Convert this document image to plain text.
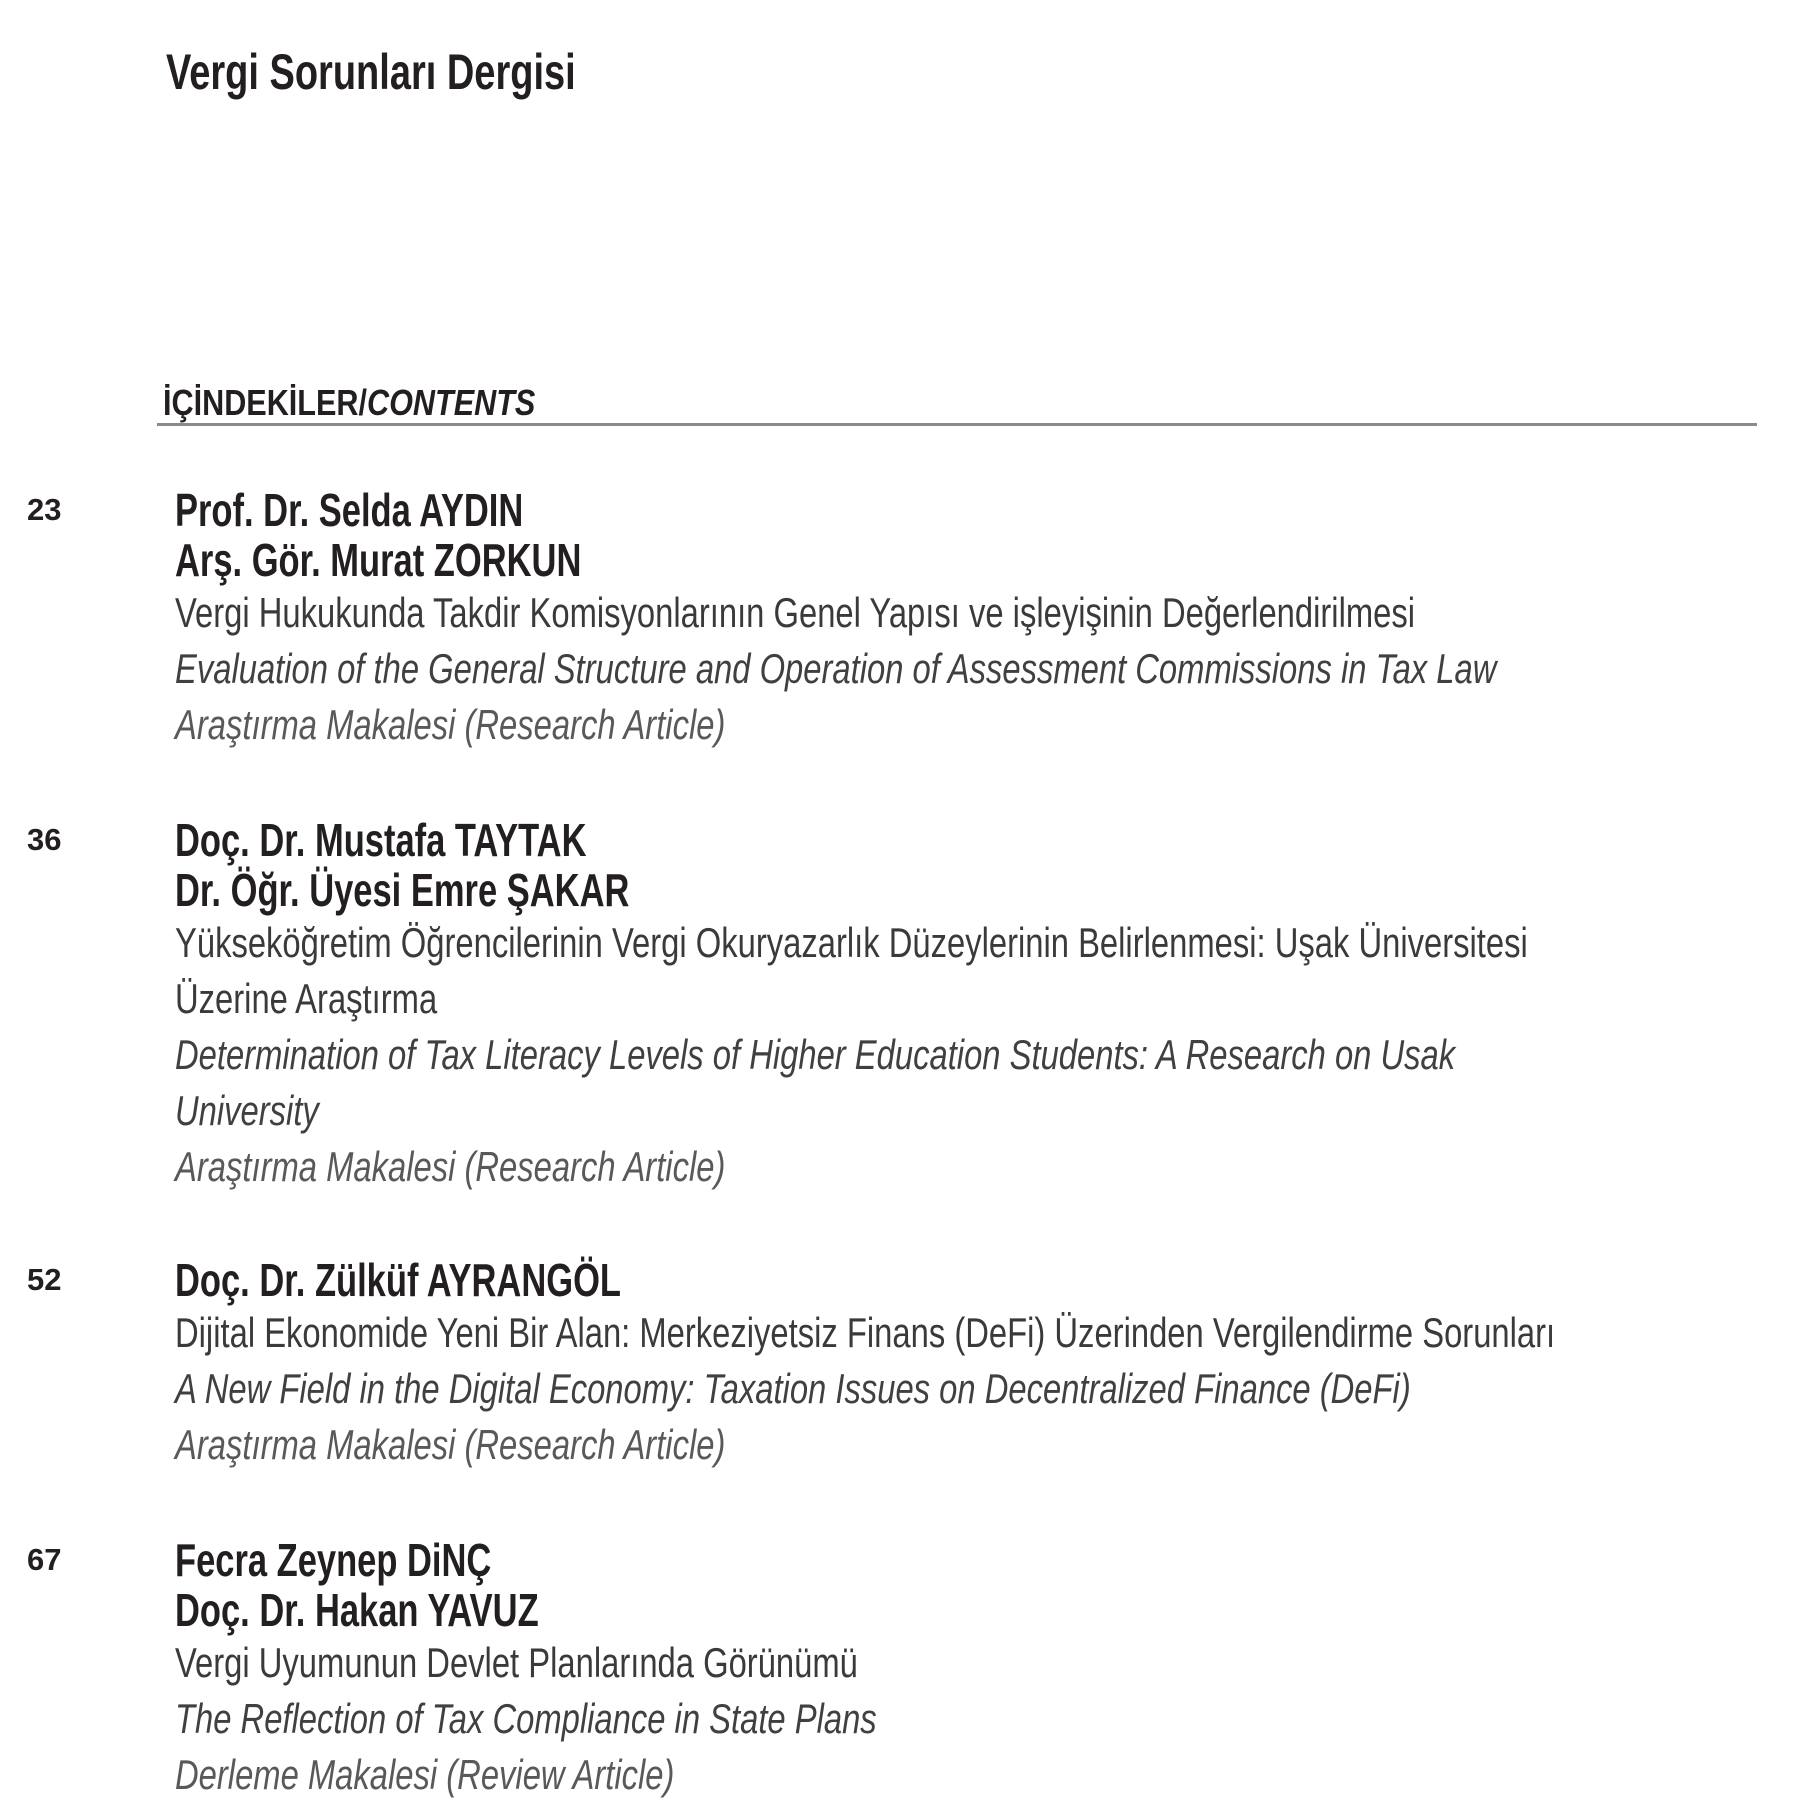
Vergi Sorunları Dergisi
İÇİNDEKİLER/CONTENTS
23 Prof. Dr. Selda AYDIN
Arş. Gör. Murat ZORKUN
Vergi Hukukunda Takdir Komisyonlarının Genel Yapısı ve işleyişinin Değerlendirilmesi
Evaluation of the General Structure and Operation of Assessment Commissions in Tax Law
Araştırma Makalesi (Research Article)
36 Doç. Dr. Mustafa TAYTAK
Dr. Öğr. Üyesi Emre ŞAKAR
Yükseköğretim Öğrencilerinin Vergi Okuryazarlık Düzeylerinin Belirlenmesi: Uşak Üniversitesi
Üzerine Araştırma
Determination of Tax Literacy Levels of Higher Education Students: A Research on Usak
University
Araştırma Makalesi (Research Article)
52 Doç. Dr. Zülküf AYRANGÖL
Dijital Ekonomide Yeni Bir Alan: Merkeziyetsiz Finans (DeFi) Üzerinden Vergilendirme Sorunları
A New Field in the Digital Economy: Taxation Issues on Decentralized Finance (DeFi)
Araştırma Makalesi (Research Article)
67 Fecra Zeynep DiNÇ
Doç. Dr. Hakan YAVUZ
Vergi Uyumunun Devlet Planlarında Görünümü
The Reflection of Tax Compliance in State Plans
Derleme Makalesi (Review Article)
